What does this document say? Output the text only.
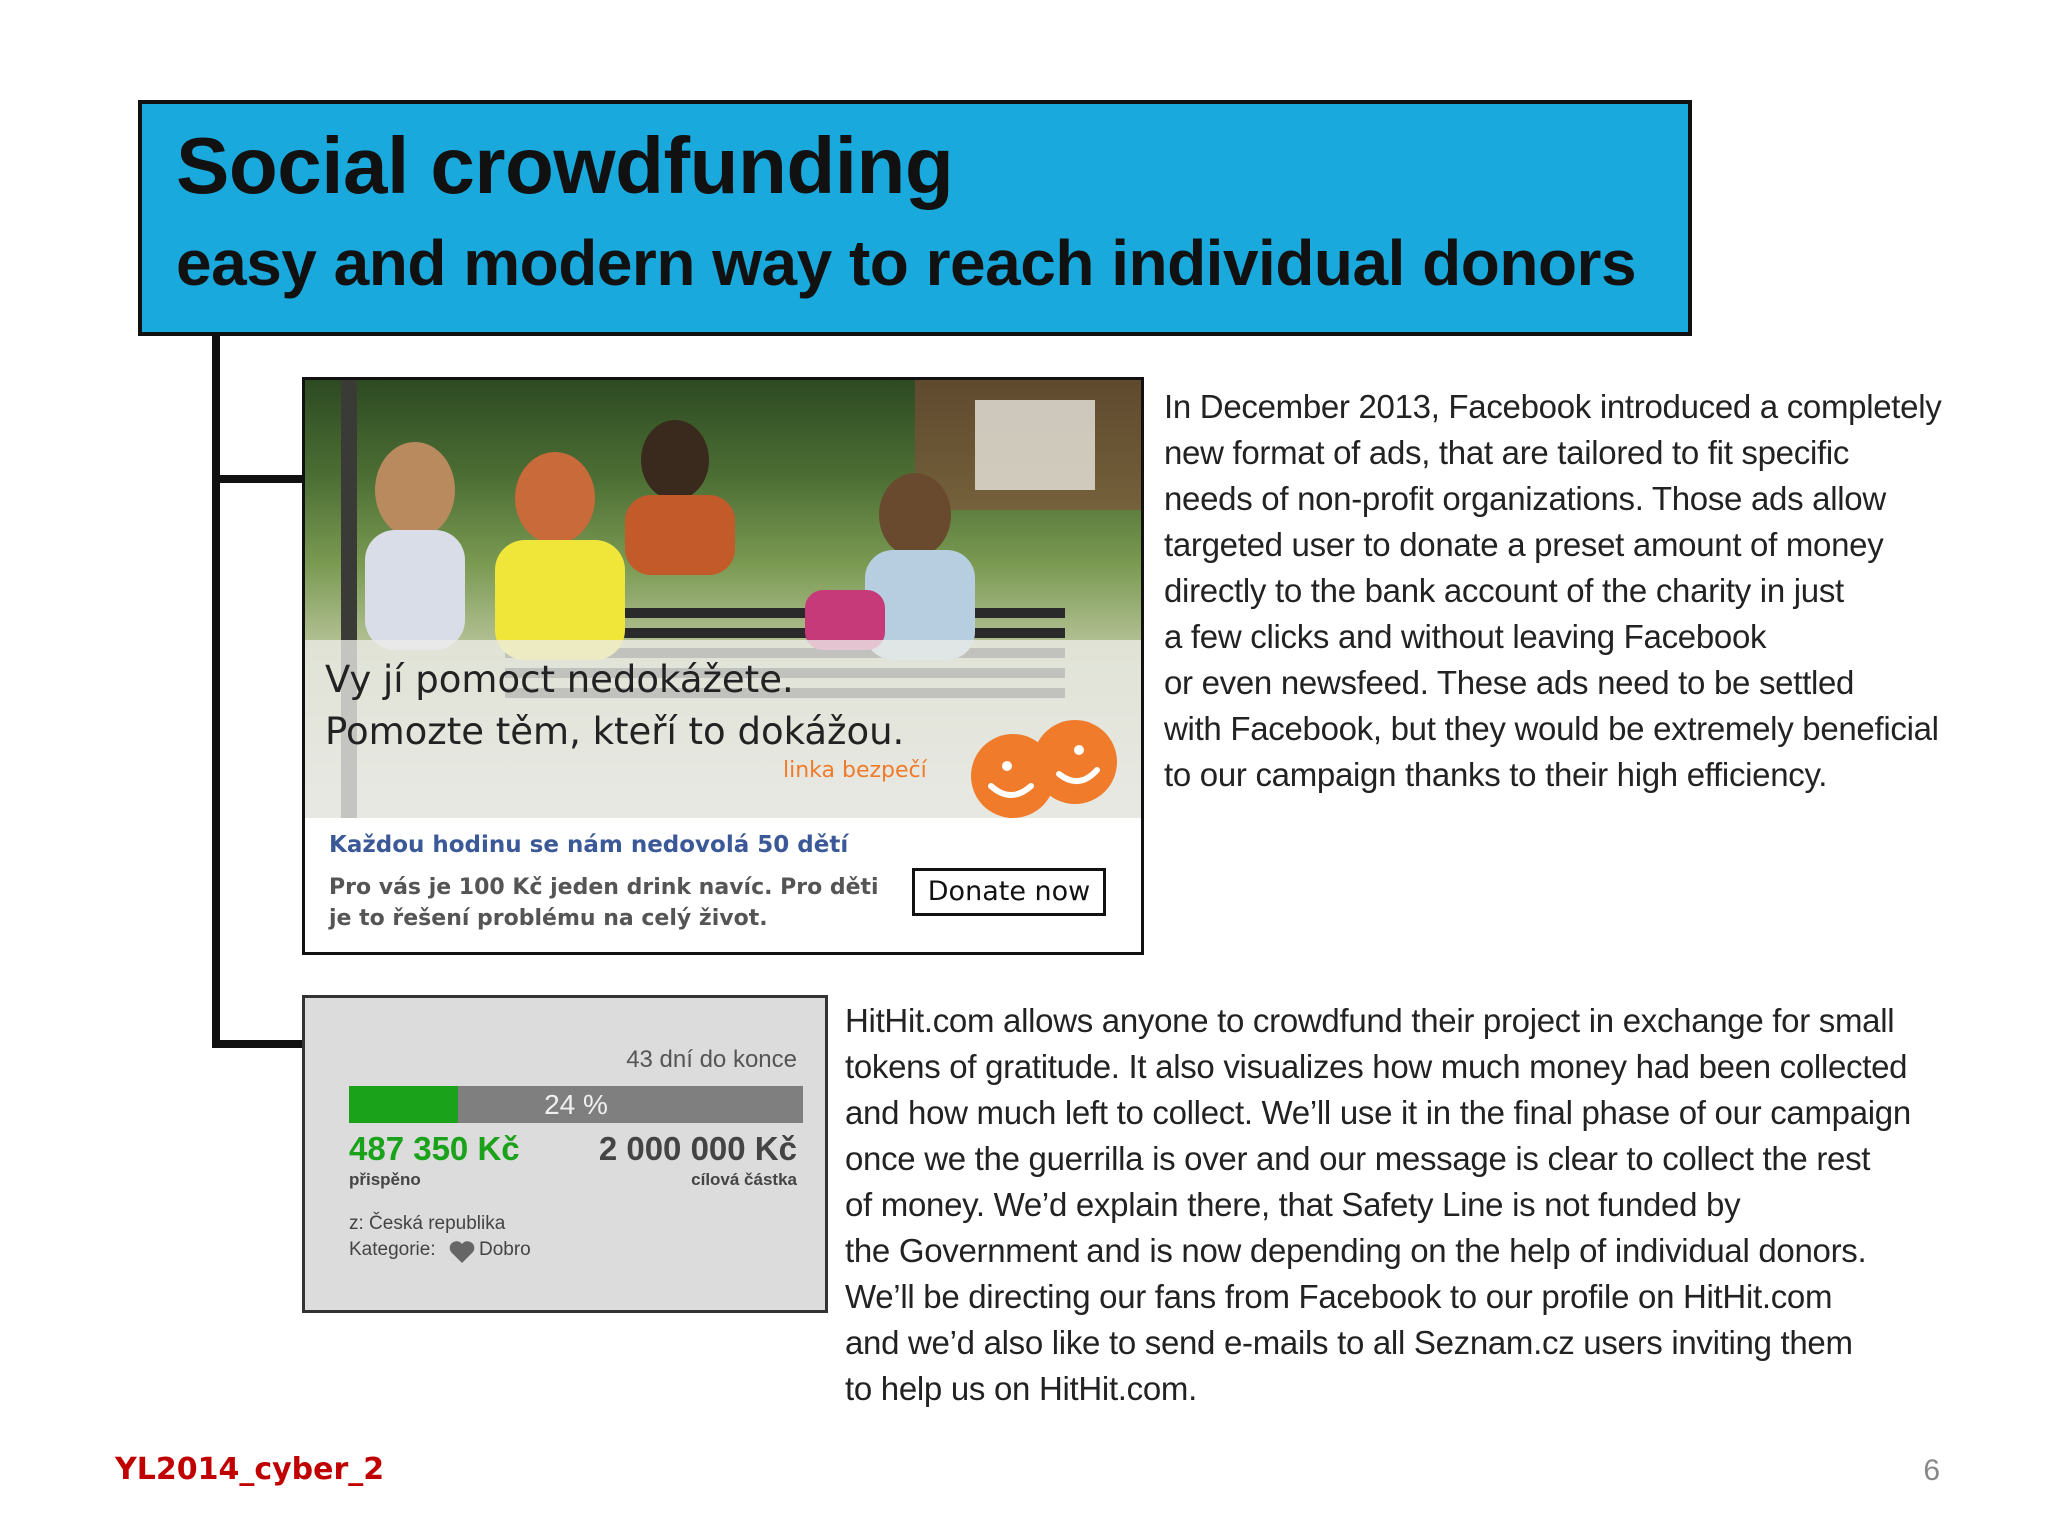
Social crowdfunding
easy and modern way to reach individual donors
Vy jí pomoct nedokážete.
Pomozte těm, kteří to dokážou.
linka bezpečí
Každou hodinu se nám nedovolá 50 dětí
Pro vás je 100 Kč jeden drink navíc. Pro děti
je to řešení problému na celý život.
Donate now
In December 2013, Facebook introduced a completely
new format of ads, that are tailored to fit specific
needs of non-profit organizations. Those ads allow
targeted user to donate a preset amount of money
directly to the bank account of the charity in just
a few clicks and without leaving Facebook
or even newsfeed. These ads need to be settled
with Facebook, but they would be extremely beneficial
to our campaign thanks to their high efficiency.
43 dní do konce
24 %
487 350 Kč
přispěno
2 000 000 Kč
cílová částka
z: Česká republika
Kategorie: Dobro
HitHit.com allows anyone to crowdfund their project in exchange for small
tokens of gratitude. It also visualizes how much money had been collected
and how much left to collect. We’ll use it in the final phase of our campaign
once we the guerrilla is over and our message is clear to collect the rest
of money. We’d explain there, that Safety Line is not funded by
the Government and is now depending on the help of individual donors.
We’ll be directing our fans from Facebook to our profile on HitHit.com
and we’d also like to send e-mails to all Seznam.cz users inviting them
to help us on HitHit.com.
YL2014_cyber_2	6
